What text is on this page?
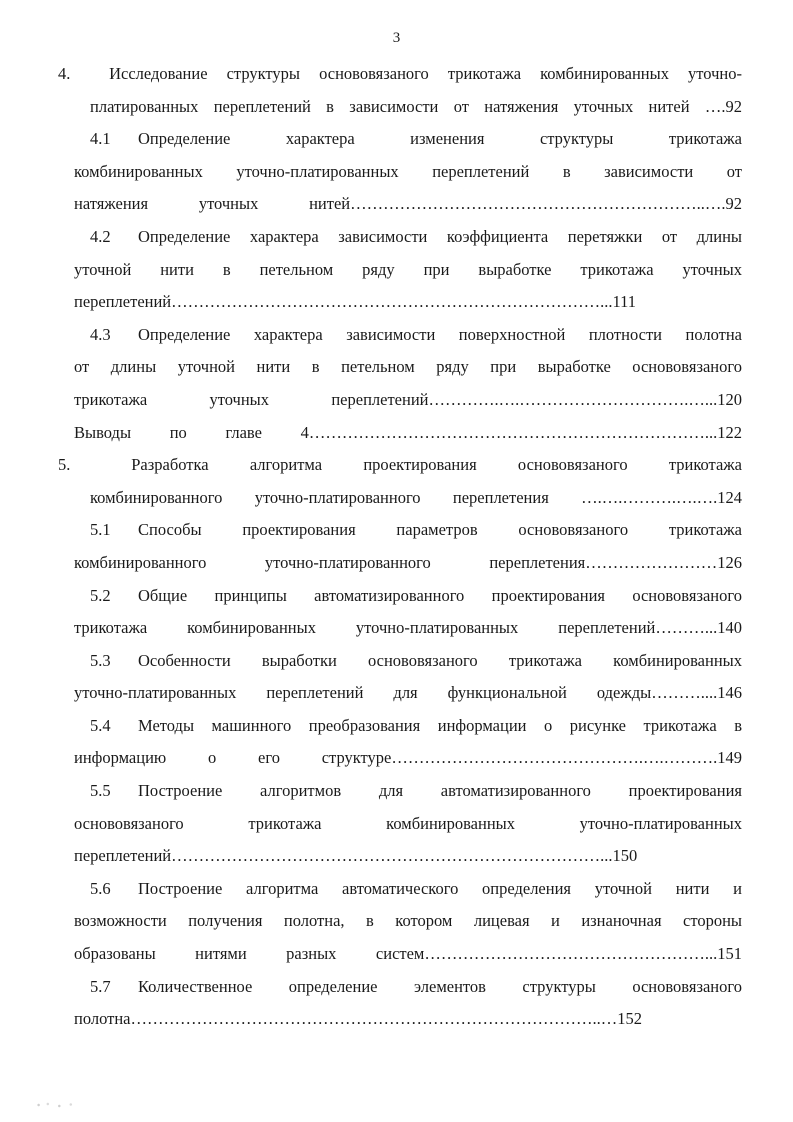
3
4. Исследование структуры основовязаного трикотажа комбинированных уточно-
платированных переплетений в зависимости от натяжения уточных нитей ….92
4.1 Определение характера изменения структуры трикотажа
комбинированных уточно-платированных переплетений в зависимости от
натяжения уточных нитей………………………………………………………..….92
4.2 Определение характера зависимости коэффициента перетяжки от длины
уточной нити в петельном ряду при выработке трикотажа уточных
переплетений……………………………………………………………………...111
4.3 Определение характера зависимости поверхностной плотности полотна
от длины уточной нити в петельном ряду при выработке основовязаного
трикотажа уточных переплетений………….….………………………….…...120
Выводы по главе 4………………………………………………………………...122
5.	Разработка алгоритма проектирования основовязаного трикотажа
комбинированного уточно-платированного переплетения ….….……….….….124
5.1 Способы проектирования параметров основовязаного трикотажа
комбинированного уточно-платированного переплетения……………………126
5.2 Общие принципы автоматизированного проектирования основовязаного
трикотажа комбинированных уточно-платированных переплетений………...140
5.3 Особенности выработки основовязаного трикотажа комбинированных
уточно-платированных переплетений для функциональной одежды………....146
5.4 Методы машинного преобразования информации о рисунке трикотажа в
информацию о его структуре……………………………………….….……….149
5.5 Построение алгоритмов для автоматизированного проектирования
основовязаного трикотажа комбинированных уточно-платированных
переплетений……………………………………………………………………...150
5.6 Построение алгоритма автоматического определения уточной нити и
возможности получения полотна, в котором лицевая и изнаночная стороны
образованы нитями разных систем……………………………………………...151
5.7 Количественное определение элементов структуры основовязаного
полотна…………………………………………………………………………..…152
